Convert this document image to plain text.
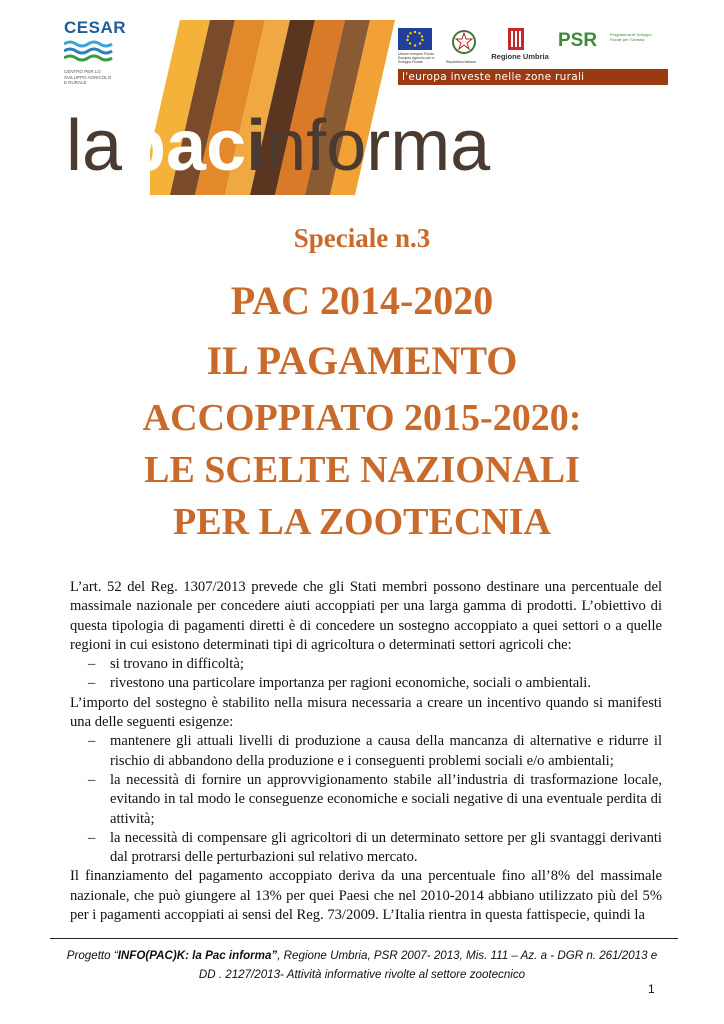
CESAR
CENTRO PER LO SVILUPPO AGRICOLO E RURALE
Unione europea Fondo Europeo Agricolo per lo Sviluppo Rurale	Repubblica Italiana
Regione Umbria
PSR	Programma di Sviluppo Rurale per l'Umbria
l'europa investe nelle zone rurali
lapacinforma
Speciale n.3
PAC 2014-2020
IL PAGAMENTO
ACCOPPIATO 2015-2020:
LE SCELTE NAZIONALI
PER LA ZOOTECNIA

L’art. 52 del Reg. 1307/2013 prevede che gli Stati membri possono destinare una percentuale del massimale nazionale per concedere aiuti accoppiati per una larga gamma di prodotti. L’obiettivo di questa tipologia di pagamenti diretti è di concedere un sostegno accoppiato a quei settori o a quelle regioni in cui esistono determinati tipi di agricoltura o determinati settori agricoli che:

– si trovano in difficoltà;
– rivestono una particolare importanza per ragioni economiche, sociali o ambientali.

L’importo del sostegno è stabilito nella misura necessaria a creare un incentivo quando si manifesti una delle seguenti esigenze:

– mantenere gli attuali livelli di produzione a causa della mancanza di alternative e ridurre il rischio di abbandono della produzione e i conseguenti problemi sociali e/o ambientali;
– la necessità di fornire un approvvigionamento stabile all’industria di trasformazione locale, evitando in tal modo le conseguenze economiche e sociali negative di una eventuale perdita di attività;
– la necessità di compensare gli agricoltori di un determinato settore per gli svantaggi derivanti dal protrarsi delle perturbazioni sul relativo mercato.

Il finanziamento del pagamento accoppiato deriva da una percentuale fino all’8% del massimale nazionale, che può giungere al 13% per quei Paesi che nel 2010-2014 abbiano utilizzato più del 5% per i pagamenti accoppiati ai sensi del Reg. 73/2009. L’Italia rientra in questa fattispecie, quindi la

Progetto “INFO(PAC)K: la Pac informa”, Regione Umbria, PSR 2007- 2013, Mis. 111 – Az. a - DGR n. 261/2013 e DD . 2127/2013- Attività informative rivolte al settore zootecnico
1
